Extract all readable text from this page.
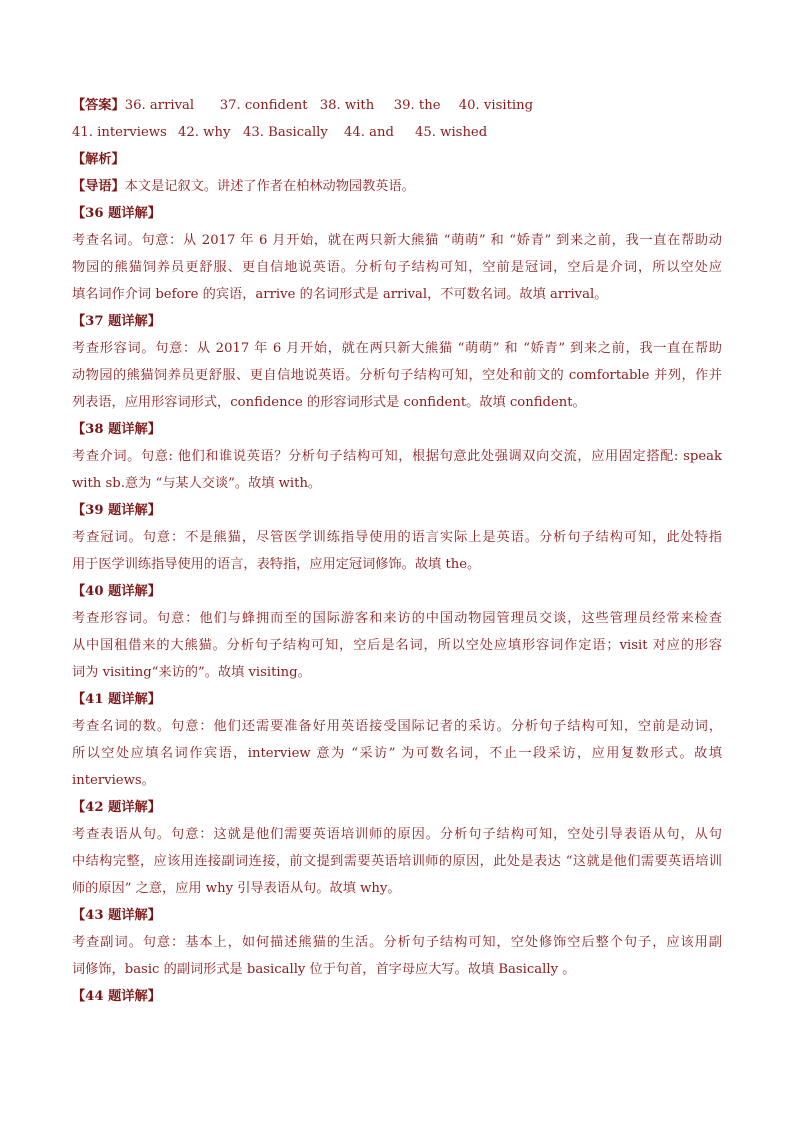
【答案】36. arrival 37. confident 38. with 39. the 40. visiting
41. interviews 42. why 43. Basically 44. and 45. wished
【解析】
【导语】本文是记叙文。讲述了作者在柏林动物园教英语。
【36 题详解】
考查名词。句意：从 2017 年 6 月开始，就在两只新大熊猫 “萌萌” 和 “娇青” 到来之前，我一直在帮助动
物园的熊猫饲养员更舒服、更自信地说英语。分析句子结构可知，空前是冠词，空后是介词，所以空处应
填名词作介词 before 的宾语，arrive 的名词形式是 arrival，不可数名词。故填 arrival。
【37 题详解】
考查形容词。句意：从 2017 年 6 月开始，就在两只新大熊猫 “萌萌” 和 “娇青” 到来之前，我一直在帮助
动物园的熊猫饲养员更舒服、更自信地说英语。分析句子结构可知，空处和前文的 comfortable 并列，作并
列表语，应用形容词形式，confidence 的形容词形式是 confident。故填 confident。
【38 题详解】
考查介词。句意: 他们和谁说英语？分析句子结构可知，根据句意此处强调双向交流，应用固定搭配: speak
with sb.意为 “与某人交谈”。故填 with。
【39 题详解】
考查冠词。句意：不是熊猫，尽管医学训练指导使用的语言实际上是英语。分析句子结构可知，此处特指
用于医学训练指导使用的语言，表特指，应用定冠词修饰。故填 the。
【40 题详解】
考查形容词。句意：他们与蜂拥而至的国际游客和来访的中国动物园管理员交谈，这些管理员经常来检查
从中国租借来的大熊猫。分析句子结构可知，空后是名词，所以空处应填形容词作定语；visit 对应的形容
词为 visiting“来访的”。故填 visiting。
【41 题详解】
考查名词的数。句意：他们还需要准备好用英语接受国际记者的采访。分析句子结构可知，空前是动词，
所以空处应填名词作宾语，interview 意为 “采访” 为可数名词，不止一段采访，应用复数形式。故填
interviews。
【42 题详解】
考查表语从句。句意：这就是他们需要英语培训师的原因。分析句子结构可知，空处引导表语从句，从句
中结构完整，应该用连接副词连接，前文提到需要英语培训师的原因，此处是表达 “这就是他们需要英语培训
师的原因” 之意，应用 why 引导表语从句。故填 why。
【43 题详解】
考查副词。句意：基本上，如何描述熊猫的生活。分析句子结构可知，空处修饰空后整个句子，应该用副
词修饰，basic 的副词形式是 basically 位于句首，首字母应大写。故填 Basically 。
【44 题详解】
